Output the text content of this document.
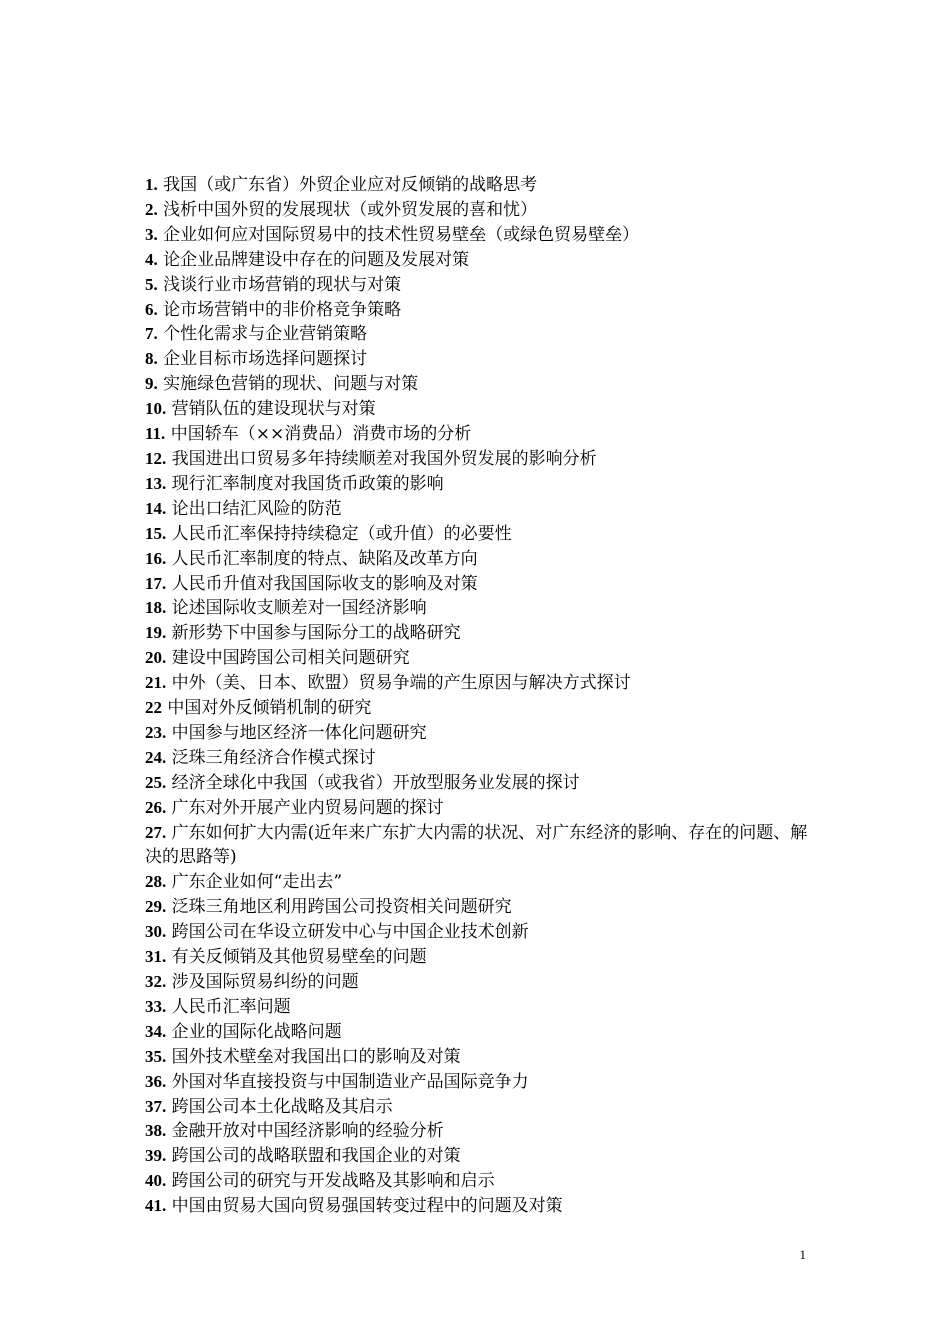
1. 我国（或广东省）外贸企业应对反倾销的战略思考
2. 浅析中国外贸的发展现状（或外贸发展的喜和忧）
3. 企业如何应对国际贸易中的技术性贸易壁垒（或绿色贸易壁垒）
4. 论企业品牌建设中存在的问题及发展对策
5. 浅谈行业市场营销的现状与对策
6. 论市场营销中的非价格竞争策略
7. 个性化需求与企业营销策略
8. 企业目标市场选择问题探讨
9. 实施绿色营销的现状、问题与对策
10. 营销队伍的建设现状与对策
11. 中国轿车（××消费品）消费市场的分析
12. 我国进出口贸易多年持续顺差对我国外贸发展的影响分析
13. 现行汇率制度对我国货币政策的影响
14. 论出口结汇风险的防范
15. 人民币汇率保持持续稳定（或升值）的必要性
16. 人民币汇率制度的特点、缺陷及改革方向
17. 人民币升值对我国国际收支的影响及对策
18. 论述国际收支顺差对一国经济影响
19. 新形势下中国参与国际分工的战略研究
20. 建设中国跨国公司相关问题研究
21. 中外（美、日本、欧盟）贸易争端的产生原因与解决方式探讨
22 中国对外反倾销机制的研究
23. 中国参与地区经济一体化问题研究
24. 泛珠三角经济合作模式探讨
25. 经济全球化中我国（或我省）开放型服务业发展的探讨
26. 广东对外开展产业内贸易问题的探讨
27. 广东如何扩大内需(近年来广东扩大内需的状况、对广东经济的影响、存在的问题、解决的思路等)
28. 广东企业如何“走出去”
29. 泛珠三角地区利用跨国公司投资相关问题研究
30. 跨国公司在华设立研发中心与中国企业技术创新
31. 有关反倾销及其他贸易壁垒的问题
32. 涉及国际贸易纠纷的问题
33. 人民币汇率问题
34. 企业的国际化战略问题
35. 国外技术壁垒对我国出口的影响及对策
36. 外国对华直接投资与中国制造业产品国际竞争力
37. 跨国公司本土化战略及其启示
38. 金融开放对中国经济影响的经验分析
39. 跨国公司的战略联盟和我国企业的对策
40. 跨国公司的研究与开发战略及其影响和启示
41. 中国由贸易大国向贸易强国转变过程中的问题及对策
1
